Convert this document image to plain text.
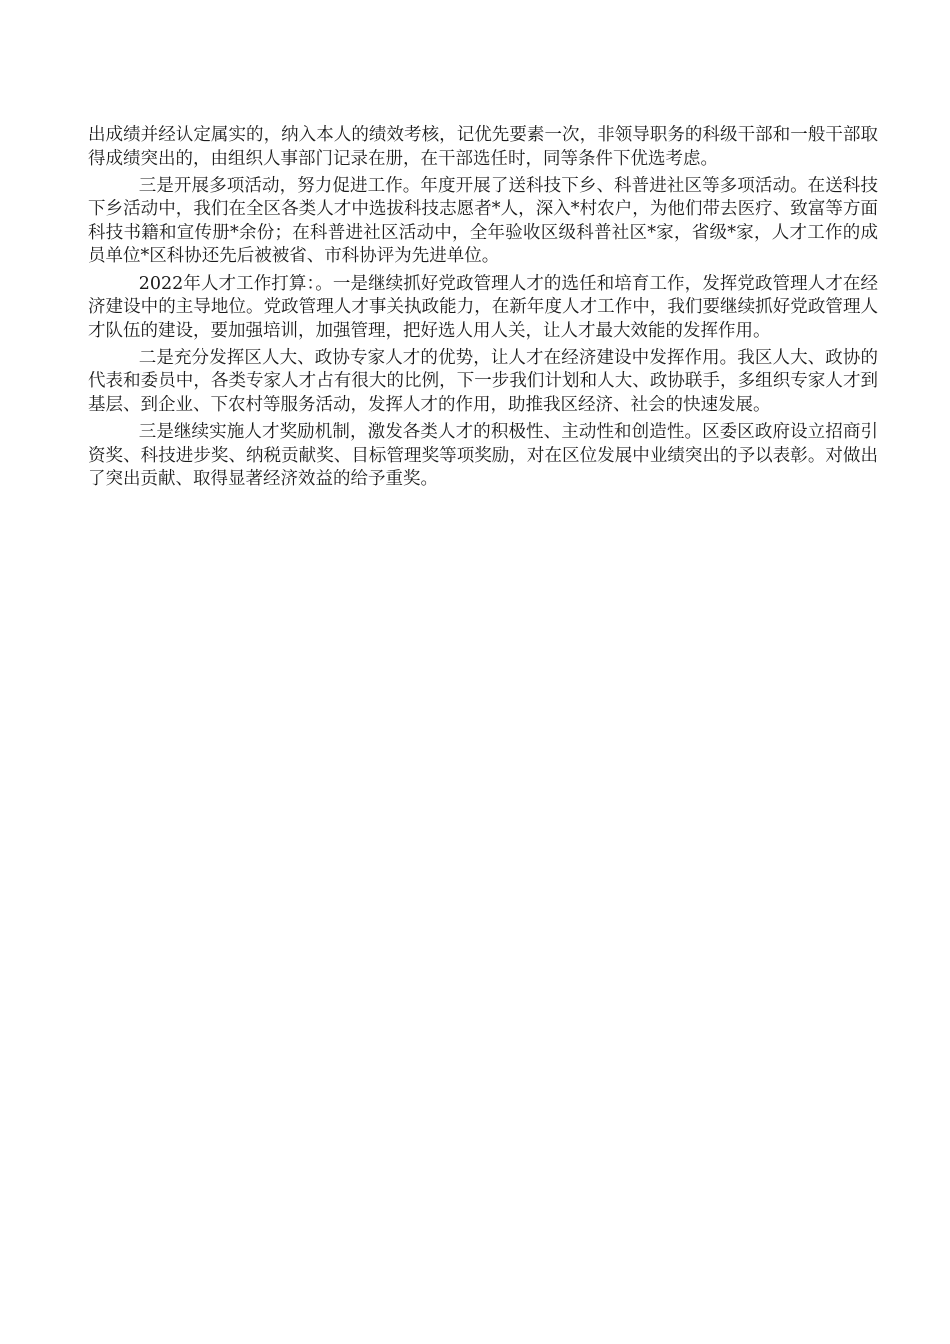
出成绩并经认定属实的，纳入本人的绩效考核，记优先要素一次，非领导职务的科级干部和一般干部取得成绩突出的，由组织人事部门记录在册，在干部选任时，同等条件下优选考虑。

三是开展多项活动，努力促进工作。年度开展了送科技下乡、科普进社区等多项活动。在送科技下乡活动中，我们在全区各类人才中选拔科技志愿者*人，深入*村农户，为他们带去医疗、致富等方面科技书籍和宣传册*余份；在科普进社区活动中，全年验收区级科普社区*家，省级*家，人才工作的成员单位*区科协还先后被被省、市科协评为先进单位。

2022年人才工作打算：。一是继续抓好党政管理人才的选任和培育工作，发挥党政管理人才在经济建设中的主导地位。党政管理人才事关执政能力，在新年度人才工作中，我们要继续抓好党政管理人才队伍的建设，要加强培训，加强管理，把好选人用人关，让人才最大效能的发挥作用。

二是充分发挥区人大、政协专家人才的优势，让人才在经济建设中发挥作用。我区人大、政协的代表和委员中，各类专家人才占有很大的比例，下一步我们计划和人大、政协联手，多组织专家人才到基层、到企业、下农村等服务活动，发挥人才的作用，助推我区经济、社会的快速发展。

三是继续实施人才奖励机制，激发各类人才的积极性、主动性和创造性。区委区政府设立招商引资奖、科技进步奖、纳税贡献奖、目标管理奖等项奖励，对在区位发展中业绩突出的予以表彰。对做出了突出贡献、取得显著经济效益的给予重奖。
